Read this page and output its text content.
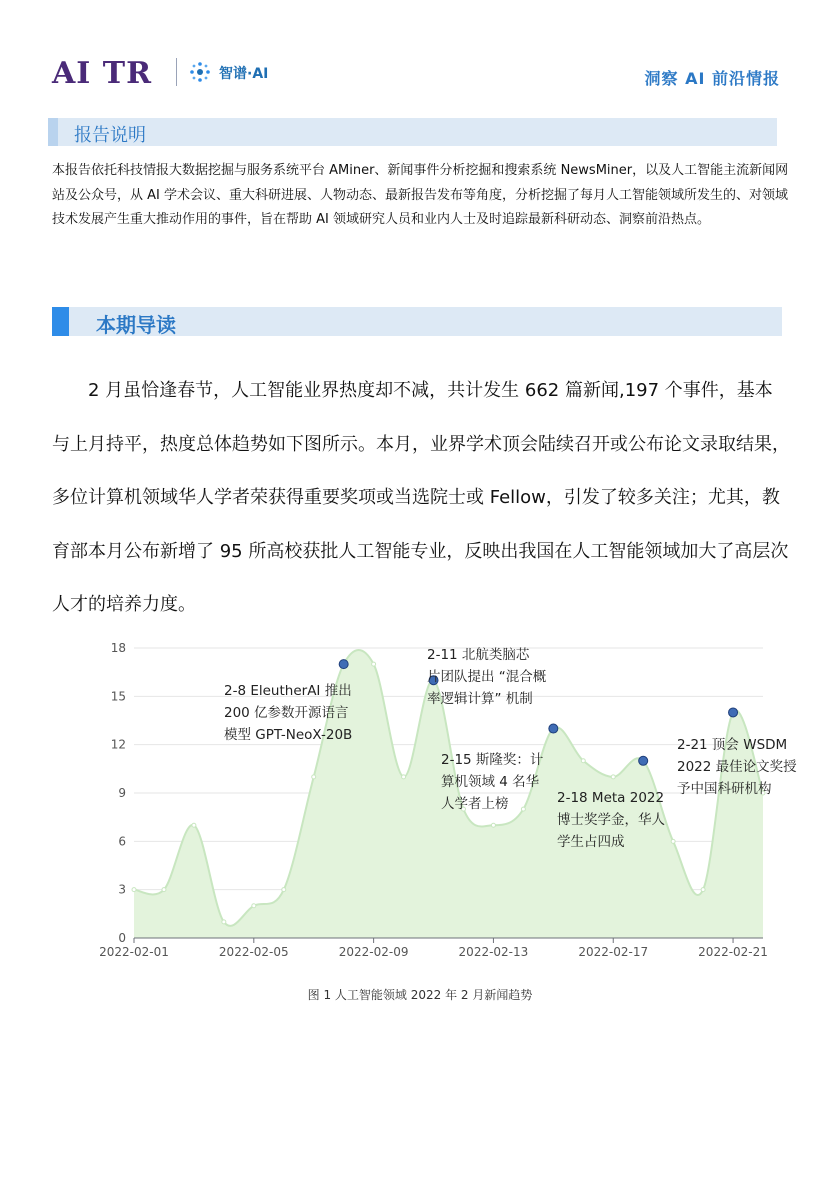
AI TR	智谱·AI	洞察 AI 前沿情报
报告说明
本报告依托科技情报大数据挖掘与服务系统平台 AMiner、新闻事件分析挖掘和搜索系统 NewsMiner，以及人工智能主流新闻网站及公众号，从 AI 学术会议、重大科研进展、人物动态、最新报告发布等角度，分析挖掘了每月人工智能领域所发生的、对领域技术发展产生重大推动作用的事件，旨在帮助 AI 领域研究人员和业内人士及时追踪最新科研动态、洞察前沿热点。
本期导读
2 月虽恰逢春节，人工智能业界热度却不减，共计发生 662 篇新闻,197 个事件，基本与上月持平，热度总体趋势如下图所示。本月，业界学术顶会陆续召开或公布论文录取结果，多位计算机领域华人学者荣获得重要奖项或当选院士或 Fellow，引发了较多关注；尤其，教育部本月公布新增了 95 所高校获批人工智能专业，反映出我国在人工智能领域加大了高层次人才的培养力度。
0
3
6
9
12
15
18
2022-02-01	2022-02-05	2022-02-09	2022-02-13	2022-02-17	2022-02-21
2-8 EleutherAI 推出
200 亿参数开源语言
模型 GPT-NeoX-20B
2-11 北航类脑芯
片团队提出 “混合概
率逻辑计算” 机制
2-15 斯隆奖：计
算机领域 4 名华
人学者上榜	2-18 Meta 2022
博士奖学金，华人
学生占四成
2-21 顶会 WSDM
2022 最佳论文奖授
予中国科研机构
图 1 人工智能领域 2022 年 2 月新闻趋势
